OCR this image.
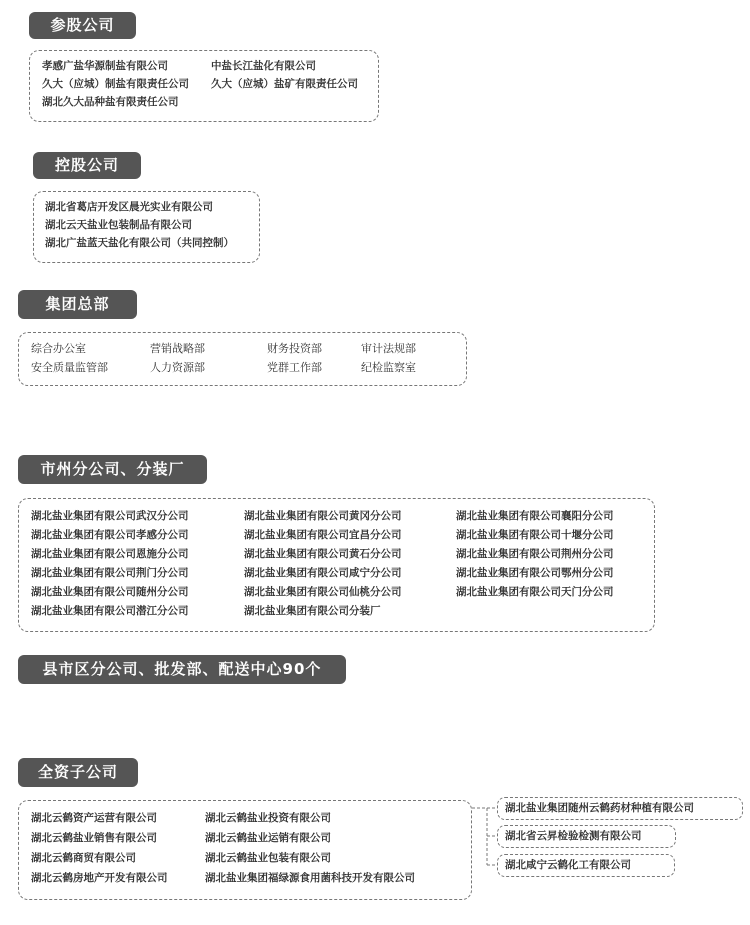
参股公司
孝感广盐华源制盐有限公司	中盐长江盐化有限公司
久大（应城）制盐有限责任公司 久大（应城）盐矿有限责任公司
湖北久大品种盐有限责任公司
控股公司
湖北省葛店开发区晨光实业有限公司
湖北云天盐业包装制品有限公司
湖北广盐蓝天盐化有限公司（共同控制）
集团总部
综合办公室	营销战略部	财务投资部	审计法规部
安全质量监管部	人力资源部	党群工作部	纪检监察室
市州分公司、分装厂
湖北盐业集团有限公司武汉分公司	湖北盐业集团有限公司黄冈分公司	湖北盐业集团有限公司襄阳分公司
湖北盐业集团有限公司孝感分公司	湖北盐业集团有限公司宜昌分公司	湖北盐业集团有限公司十堰分公司
湖北盐业集团有限公司恩施分公司	湖北盐业集团有限公司黄石分公司	湖北盐业集团有限公司荆州分公司
湖北盐业集团有限公司荆门分公司	湖北盐业集团有限公司咸宁分公司	湖北盐业集团有限公司鄂州分公司
湖北盐业集团有限公司随州分公司	湖北盐业集团有限公司仙桃分公司	湖北盐业集团有限公司天门分公司
湖北盐业集团有限公司潜江分公司	湖北盐业集团有限公司分装厂
县市区分公司、批发部、配送中心90个
全资子公司
湖北云鹤资产运营有限公司	湖北云鹤盐业投资有限公司
湖北云鹤盐业销售有限公司	湖北云鹤盐业运销有限公司
湖北云鹤商贸有限公司	湖北云鹤盐业包装有限公司
湖北云鹤房地产开发有限公司	湖北盐业集团福绿源食用菌科技开发有限公司
湖北盐业集团随州云鹤药材种植有限公司
湖北省云昇检验检测有限公司
湖北咸宁云鹤化工有限公司
